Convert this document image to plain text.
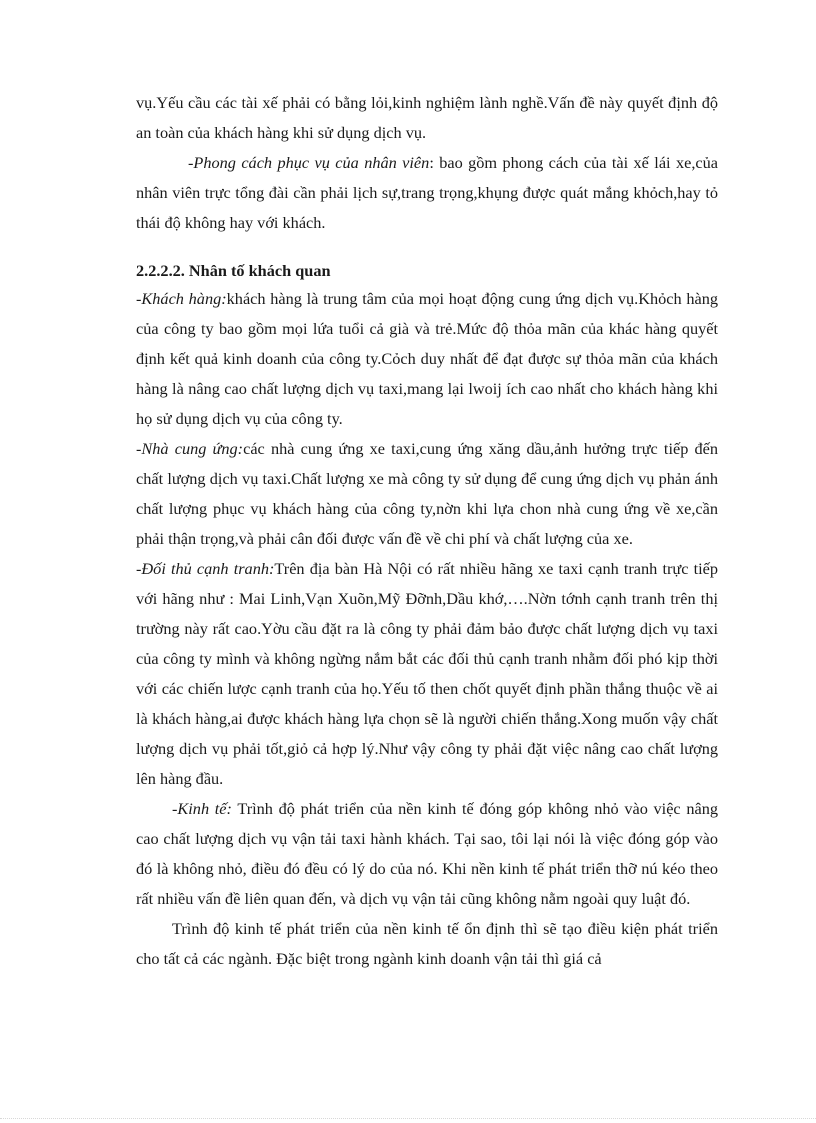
vụ.Yếu cầu các tài xế phải có bằng lỏi,kinh nghiệm lành nghề.Vấn đề này quyết định độ an toàn của khách hàng khi sử dụng dịch vụ.

-Phong cách phục vụ của nhân viên: bao gồm phong cách của tài xế lái xe,của nhân viên trực tổng đài cần phải lịch sự,trang trọng,khụng được quát mắng khỏch,hay tỏ thái độ không hay với khách.

2.2.2.2. Nhân tố khách quan

-Khách hàng:khách hàng là trung tâm của mọi hoạt động cung ứng dịch vụ.Khỏch hàng của công ty bao gồm mọi lứa tuổi cả già và trẻ.Mức độ thỏa mãn của khác hàng quyết định kết quả kinh doanh của công ty.Cỏch duy nhất để đạt được sự thỏa mãn của khách hàng là nâng cao chất lượng dịch vụ taxi,mang lại lwoij ích cao nhất cho khách hàng khi họ sử dụng dịch vụ của công ty.

-Nhà cung ứng:các nhà cung ứng xe taxi,cung ứng xăng dầu,ảnh hưởng trực tiếp đến chất lượng dịch vụ taxi.Chất lượng xe mà công ty sử dụng để cung ứng dịch vụ phản ánh chất lượng phục vụ khách hàng của công ty,nờn khi lựa chon nhà cung ứng về xe,cần phải thận trọng,và phải cân đối được vấn đề về chi phí và chất lượng của xe.

-Đối thủ cạnh tranh:Trên địa bàn Hà Nội có rất nhiều hãng xe taxi cạnh tranh trực tiếp với hãng như : Mai Linh,Vạn Xuõn,Mỹ Đỡnh,Dầu khớ,….Nờn tớnh cạnh tranh trên thị trường này rất cao.Yờu cầu đặt ra là công ty phải đảm bảo được chất lượng dịch vụ taxi của công ty mình và không ngừng nắm bắt các đối thủ cạnh tranh nhằm đối phó kịp thời với các chiến lược cạnh tranh của họ.Yếu tố then chốt quyết định phần thắng thuộc về ai là khách hàng,ai được khách hàng lựa chọn sẽ là người chiến thắng.Xong muốn vậy chất lượng dịch vụ phải tốt,giỏ cả hợp lý.Như vậy công ty phải đặt việc nâng cao chất lượng lên hàng đầu.

-Kinh tế: Trình độ phát triển của nền kinh tế đóng góp không nhỏ vào việc nâng cao chất lượng dịch vụ vận tải taxi hành khách. Tại sao, tôi lại nói là việc đóng góp vào đó là không nhỏ, điều đó đều có lý do của nó. Khi nền kinh tế phát triển thỡ nú kéo theo rất nhiều vấn đề liên quan đến, và dịch vụ vận tải cũng không nằm ngoài quy luật đó.

Trình độ kinh tế phát triển của nền kinh tế ổn định thì sẽ tạo điều kiện phát triển cho tất cả các ngành. Đặc biệt trong ngành kinh doanh vận tải thì giá cả
